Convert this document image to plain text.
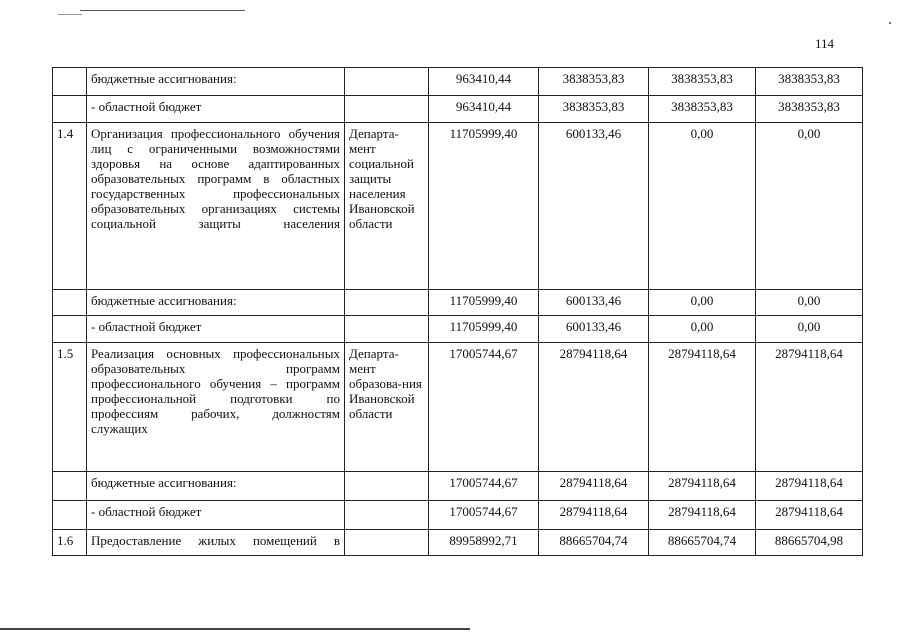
114
	бюджетные ассигнования:		963410,44	3838353,83	3838353,83	3838353,83
	- областной бюджет		963410,44	3838353,83	3838353,83	3838353,83
1.4	Организация профессионального обучения лиц с ограниченными возможностями здоровья на основе адаптированных образовательных программ в областных государственных профессиональных образовательных организациях системы социальной защиты населения	Департа-мент социальной защиты населения Ивановской области	11705999,40	600133,46	0,00	0,00
	бюджетные ассигнования:		11705999,40	600133,46	0,00	0,00
	- областной бюджет		11705999,40	600133,46	0,00	0,00
1.5	Реализация основных профессиональных образовательных программ профессионального обучения – программ профессиональной подготовки по профессиям рабочих, должностям служащих	Департа-мент образова-ния Ивановской области	17005744,67	28794118,64	28794118,64	28794118,64
	бюджетные ассигнования:		17005744,67	28794118,64	28794118,64	28794118,64
	- областной бюджет		17005744,67	28794118,64	28794118,64	28794118,64
1.6	Предоставление жилых помещений в		89958992,71	88665704,74	88665704,74	88665704,98
